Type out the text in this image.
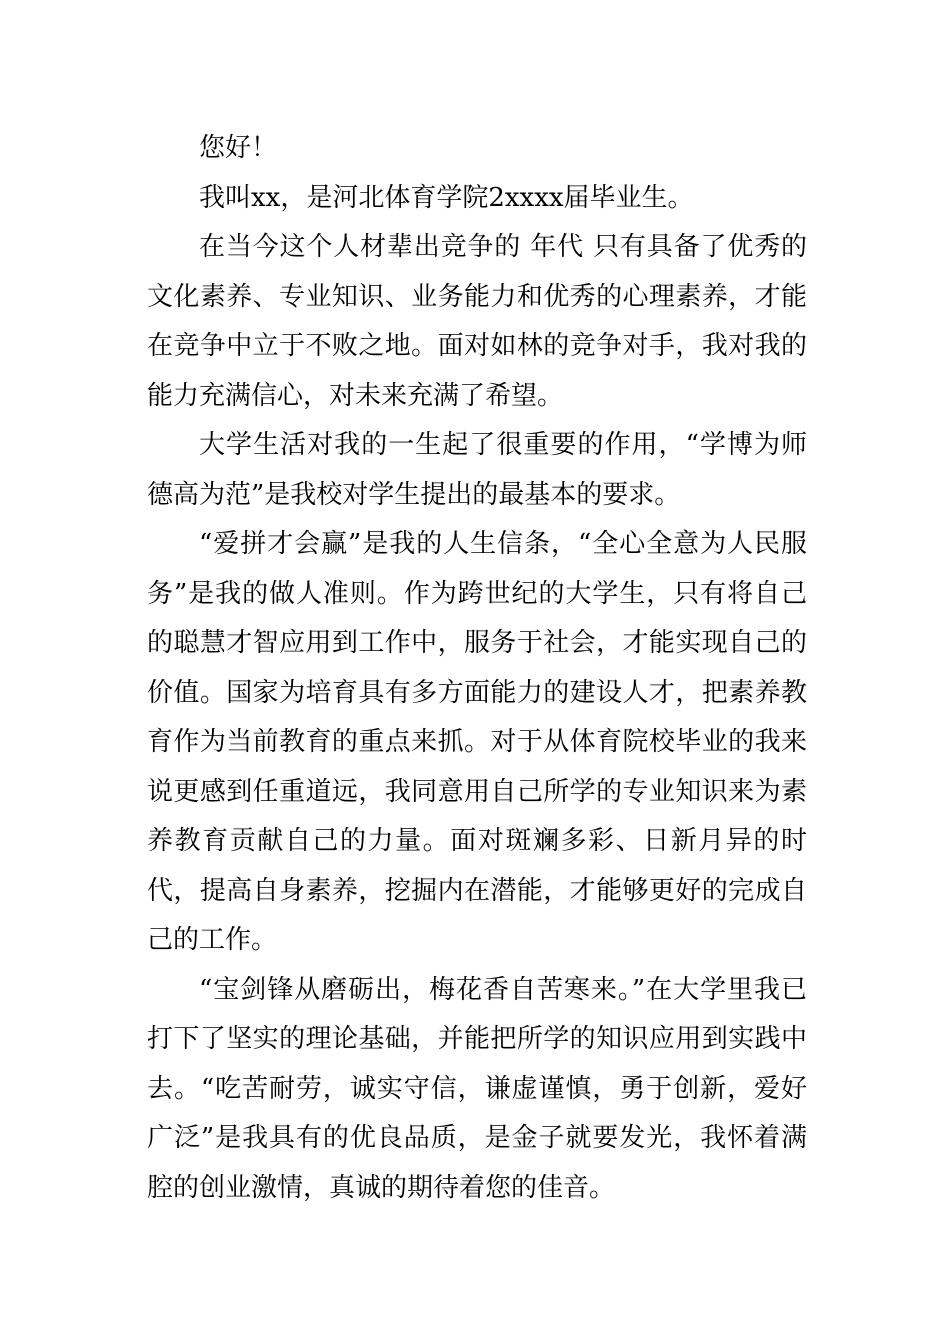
您好！

我叫xx，是河北体育学院2xxxx届毕业生。

在当今这个人材辈出竞争的 年代 只有具备了优秀的文化素养、专业知识、业务能力和优秀的心理素养，才能在竞争中立于不败之地。面对如林的竞争对手，我对我的能力充满信心，对未来充满了希望。

大学生活对我的一生起了很重要的作用，“学博为师德高为范”是我校对学生提出的最基本的要求。

“爱拼才会赢”是我的人生信条，“全心全意为人民服务”是我的做人准则。作为跨世纪的大学生，只有将自己的聪慧才智应用到工作中，服务于社会，才能实现自己的价值。国家为培育具有多方面能力的建设人才，把素养教育作为当前教育的重点来抓。对于从体育院校毕业的我来说更感到任重道远，我同意用自己所学的专业知识来为素养教育贡献自己的力量。面对斑斓多彩、日新月异的时代，提高自身素养，挖掘内在潜能，才能够更好的完成自己的工作。

“宝剑锋从磨砺出，梅花香自苦寒来。”在大学里我已打下了坚实的理论基础，并能把所学的知识应用到实践中去。“吃苦耐劳，诚实守信，谦虚谨慎，勇于创新，爱好广泛”是我具有的优良品质，是金子就要发光，我怀着满腔的创业激情，真诚的期待着您的佳音。
